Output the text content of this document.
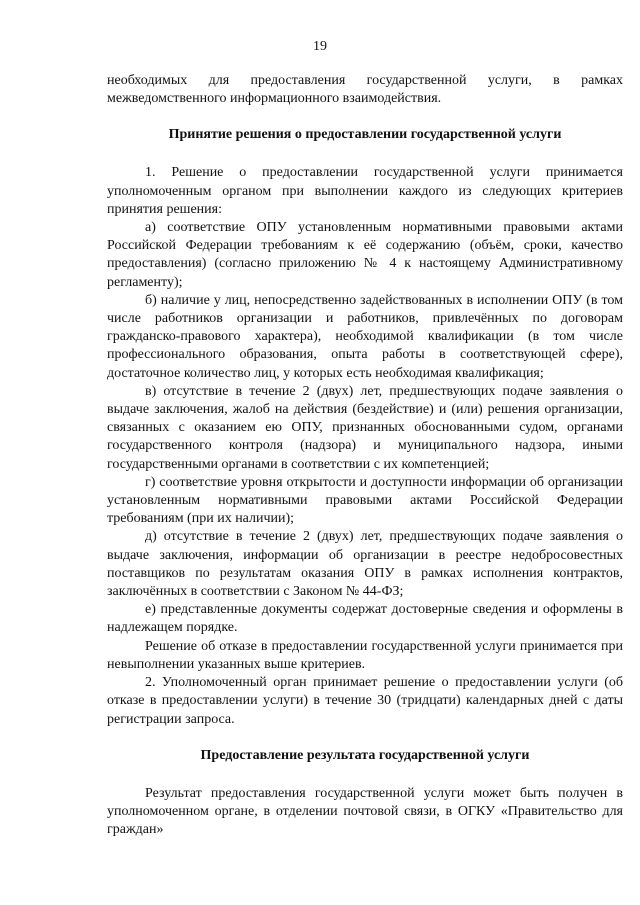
19

необходимых для предоставления государственной услуги, в рамках межведомственного информационного взаимодействия.

Принятие решения о предоставлении государственной услуги

1. Решение о предоставлении государственной услуги принимается уполномоченным органом при выполнении каждого из следующих критериев принятия решения:

а) соответствие ОПУ установленным нормативными правовыми актами Российской Федерации требованиям к её содержанию (объём, сроки, качество предоставления) (согласно приложению № 4 к настоящему Административному регламенту);

б) наличие у лиц, непосредственно задействованных в исполнении ОПУ (в том числе работников организации и работников, привлечённых по договорам гражданско-правового характера), необходимой квалификации (в том числе профессионального образования, опыта работы в соответствующей сфере), достаточное количество лиц, у которых есть необходимая квалификация;

в) отсутствие в течение 2 (двух) лет, предшествующих подаче заявления о выдаче заключения, жалоб на действия (бездействие) и (или) решения организации, связанных с оказанием ею ОПУ, признанных обоснованными судом, органами государственного контроля (надзора) и муниципального надзора, иными государственными органами в соответствии с их компетенцией;

г) соответствие уровня открытости и доступности информации об организации установленным нормативными правовыми актами Российской Федерации требованиям (при их наличии);

д) отсутствие в течение 2 (двух) лет, предшествующих подаче заявления о выдаче заключения, информации об организации в реестре недобросовестных поставщиков по результатам оказания ОПУ в рамках исполнения контрактов, заключённых в соответствии с Законом № 44-ФЗ;

е) представленные документы содержат достоверные сведения и оформлены в надлежащем порядке.

Решение об отказе в предоставлении государственной услуги принимается при невыполнении указанных выше критериев.

2. Уполномоченный орган принимает решение о предоставлении услуги (об отказе в предоставлении услуги) в течение 30 (тридцати) календарных дней с даты регистрации запроса.

Предоставление результата государственной услуги

Результат предоставления государственной услуги может быть получен в уполномоченном органе, в отделении почтовой связи, в ОГКУ «Правительство для граждан»
